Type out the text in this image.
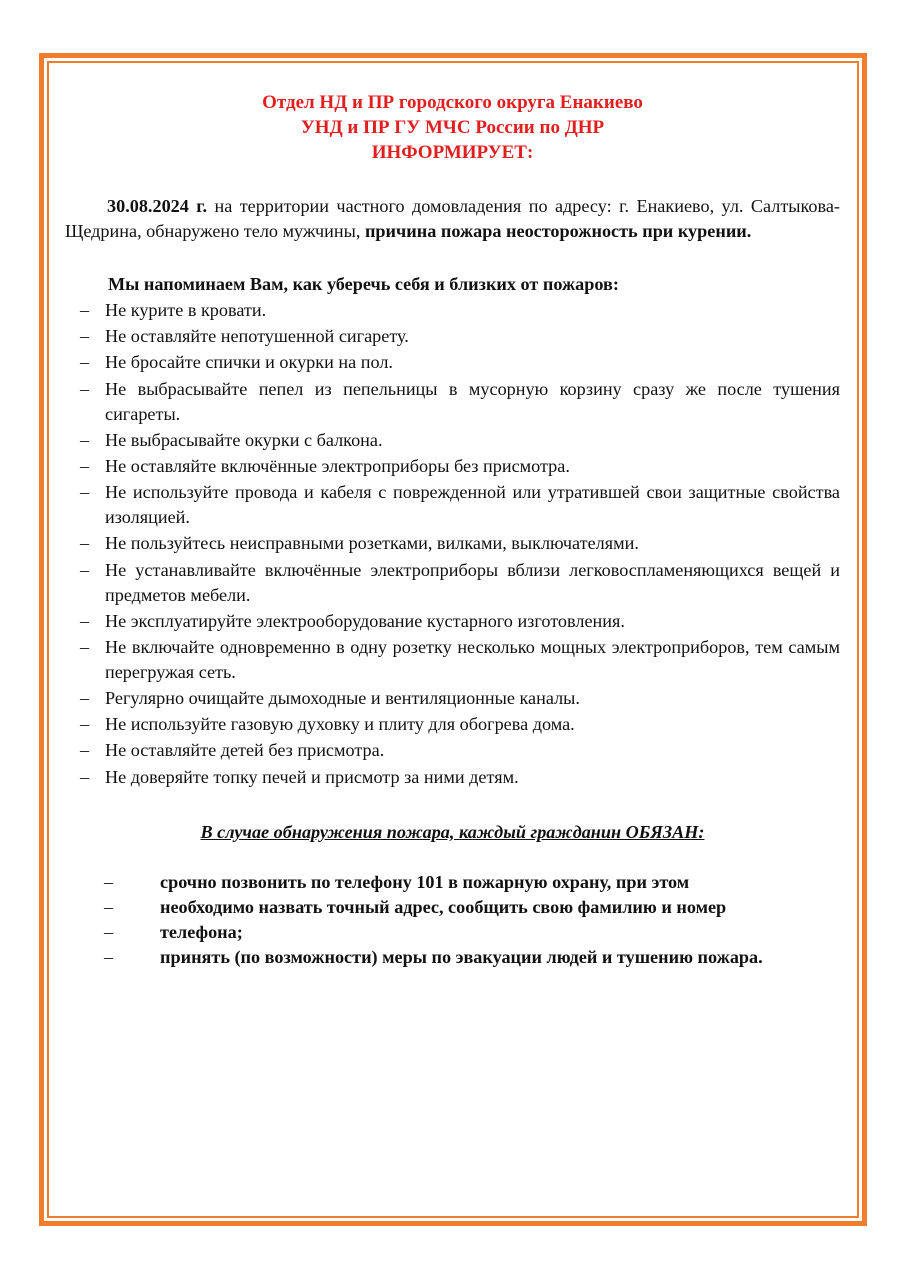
Отдел НД и ПР городского округа Енакиево
УНД и ПР ГУ МЧС России по ДНР
ИНФОРМИРУЕТ:

30.08.2024 г. на территории частного домовладения по адресу: г. Енакиево, ул. Салтыкова-Щедрина, обнаружено тело мужчины, причина пожара неосторожность при курении.

Мы напоминаем Вам, как уберечь себя и близких от пожаров:
– Не курите в кровати.
– Не оставляйте непотушенной сигарету.
– Не бросайте спички и окурки на пол.
– Не выбрасывайте пепел из пепельницы в мусорную корзину сразу же после тушения сигареты.
– Не выбрасывайте окурки с балкона.
– Не оставляйте включённые электроприборы без присмотра.
– Не используйте провода и кабеля с поврежденной или утратившей свои защитные свойства изоляцией.
– Не пользуйтесь неисправными розетками, вилками, выключателями.
– Не устанавливайте включённые электроприборы вблизи легковоспламеняющихся вещей и предметов мебели.
– Не эксплуатируйте электрооборудование кустарного изготовления.
– Не включайте одновременно в одну розетку несколько мощных электроприборов, тем самым перегружая сеть.
– Регулярно очищайте дымоходные и вентиляционные каналы.
– Не используйте газовую духовку и плиту для обогрева дома.
– Не оставляйте детей без присмотра.
– Не доверяйте топку печей и присмотр за ними детям.
В случае обнаружения пожара, каждый гражданин ОБЯЗАН:
–	срочно позвонить по телефону 101 в пожарную охрану, при этом
–	необходимо назвать точный адрес, сообщить свою фамилию и номер
–	телефона;
–	принять (по возможности) меры по эвакуации людей и тушению пожара.
